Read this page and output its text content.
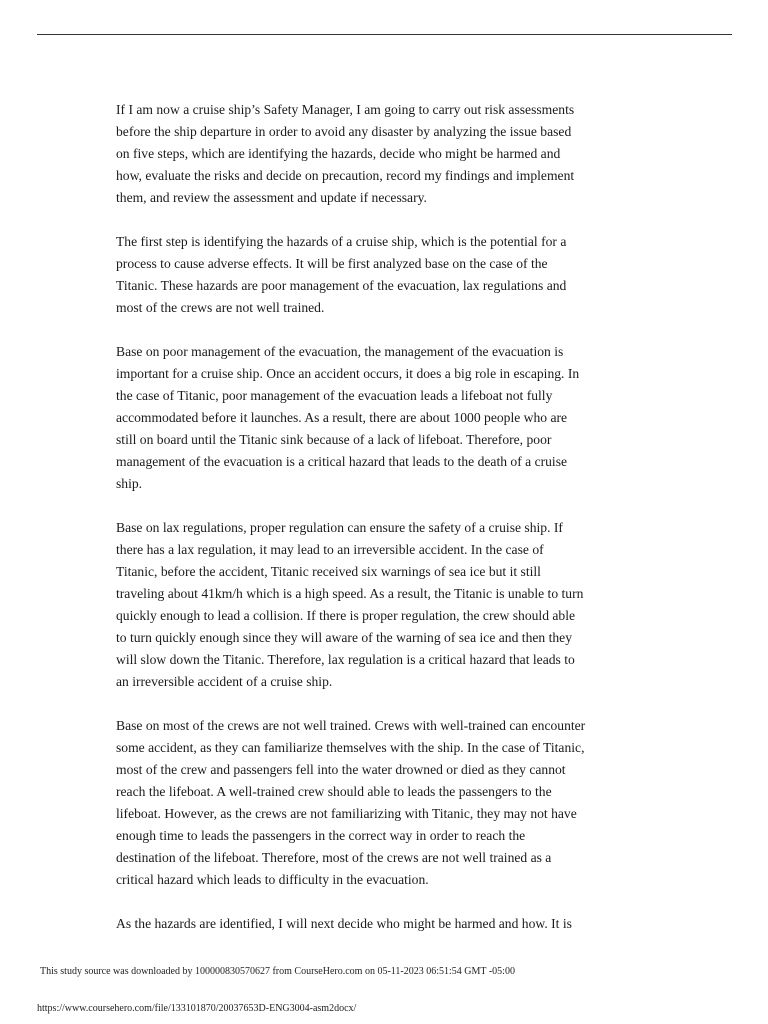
If I am now a cruise ship’s Safety Manager, I am going to carry out risk assessments
before the ship departure in order to avoid any disaster by analyzing the issue based
on five steps, which are identifying the hazards, decide who might be harmed and
how, evaluate the risks and decide on precaution, record my findings and implement
them, and review the assessment and update if necessary.

The first step is identifying the hazards of a cruise ship, which is the potential for a
process to cause adverse effects. It will be first analyzed base on the case of the
Titanic. These hazards are poor management of the evacuation, lax regulations and
most of the crews are not well trained.

Base on poor management of the evacuation, the management of the evacuation is
important for a cruise ship. Once an accident occurs, it does a big role in escaping. In
the case of Titanic, poor management of the evacuation leads a lifeboat not fully
accommodated before it launches. As a result, there are about 1000 people who are
still on board until the Titanic sink because of a lack of lifeboat. Therefore, poor
management of the evacuation is a critical hazard that leads to the death of a cruise
ship.

Base on lax regulations, proper regulation can ensure the safety of a cruise ship. If
there has a lax regulation, it may lead to an irreversible accident. In the case of
Titanic, before the accident, Titanic received six warnings of sea ice but it still
traveling about 41km/h which is a high speed. As a result, the Titanic is unable to turn
quickly enough to lead a collision. If there is proper regulation, the crew should able
to turn quickly enough since they will aware of the warning of sea ice and then they
will slow down the Titanic. Therefore, lax regulation is a critical hazard that leads to
an irreversible accident of a cruise ship.

Base on most of the crews are not well trained. Crews with well-trained can encounter
some accident, as they can familiarize themselves with the ship. In the case of Titanic,
most of the crew and passengers fell into the water drowned or died as they cannot
reach the lifeboat. A well-trained crew should able to leads the passengers to the
lifeboat. However, as the crews are not familiarizing with Titanic, they may not have
enough time to leads the passengers in the correct way in order to reach the
destination of the lifeboat. Therefore, most of the crews are not well trained as a
critical hazard which leads to difficulty in the evacuation.

As the hazards are identified, I will next decide who might be harmed and how. It is

This study source was downloaded by 100000830570627 from CourseHero.com on 05-11-2023 06:51:54 GMT -05:00
https://www.coursehero.com/file/133101870/20037653D-ENG3004-asm2docx/
